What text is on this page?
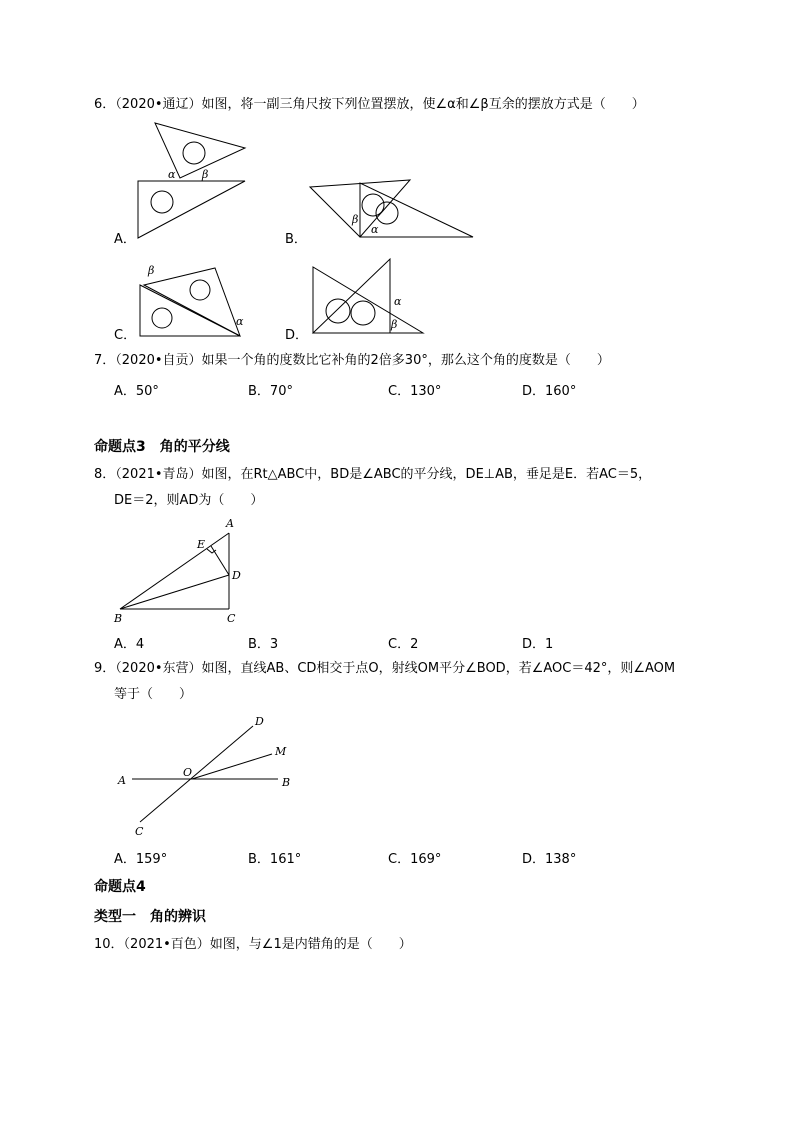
6．（2020•通辽）如图，将一副三角尺按下列位置摆放，使∠α和∠β互余的摆放方式是（　　）
α β
A．
β
α
B．
β
α
C．
α
β
D．
7．（2020•自贡）如果一个角的度数比它补角的2倍多30°，那么这个角的度数是（　　）
A．50°	B．70°	C．130°	D．160°
命题点3　角的平分线
8．（2021•青岛）如图，在Rt△ABC中，BD是∠ABC的平分线，DE⊥AB，垂足是E．若AC＝5，
DE＝2，则AD为（　　）
A
B	C
D
E
A．4	B．3	C．2	D．1
9．（2020•东营）如图，直线AB、CD相交于点O，射线OM平分∠BOD，若∠AOC＝42°，则∠AOM
等于（　　）
A	B
C
D
M
O
A．159°	B．161°	C．169°	D．138°
命题点4
类型一　角的辨识
10．（2021•百色）如图，与∠1是内错角的是（　　）
